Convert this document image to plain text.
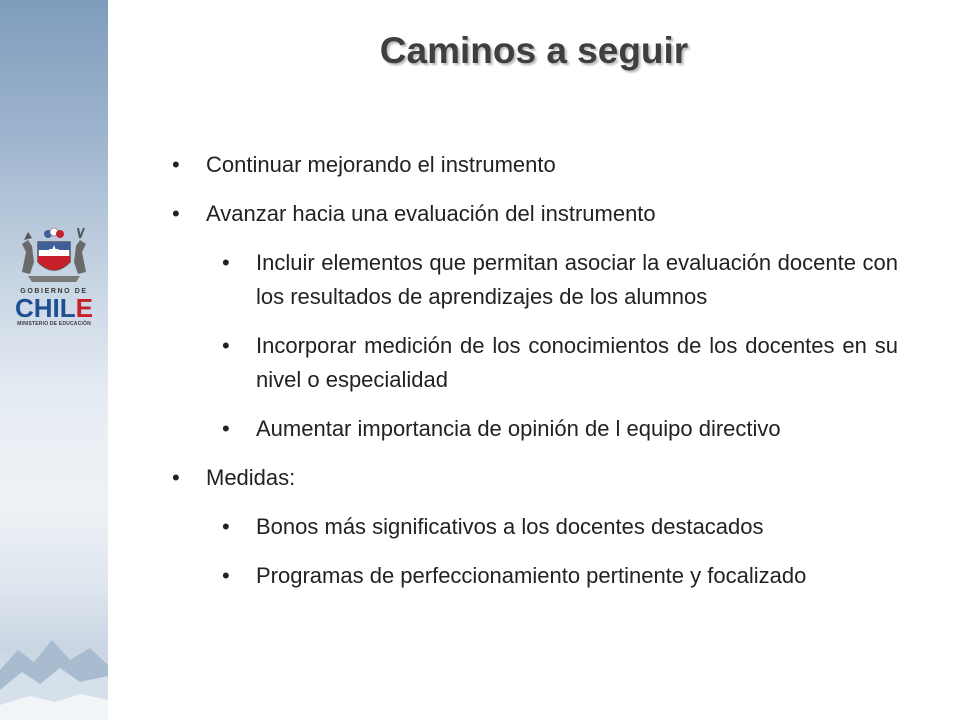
GOBIERNO DE
CHILE
MINISTERIO DE EDUCACIÓN
Caminos a seguir
• Continuar mejorando el instrumento
• Avanzar hacia una evaluación del instrumento
• Incluir elementos que permitan asociar la evaluación docente con los resultados de aprendizajes de los alumnos
• Incorporar medición de los conocimientos de los docentes en su nivel o especialidad
• Aumentar importancia de opinión de l equipo directivo
• Medidas:
• Bonos más significativos a los docentes destacados
• Programas de perfeccionamiento pertinente y focalizado
